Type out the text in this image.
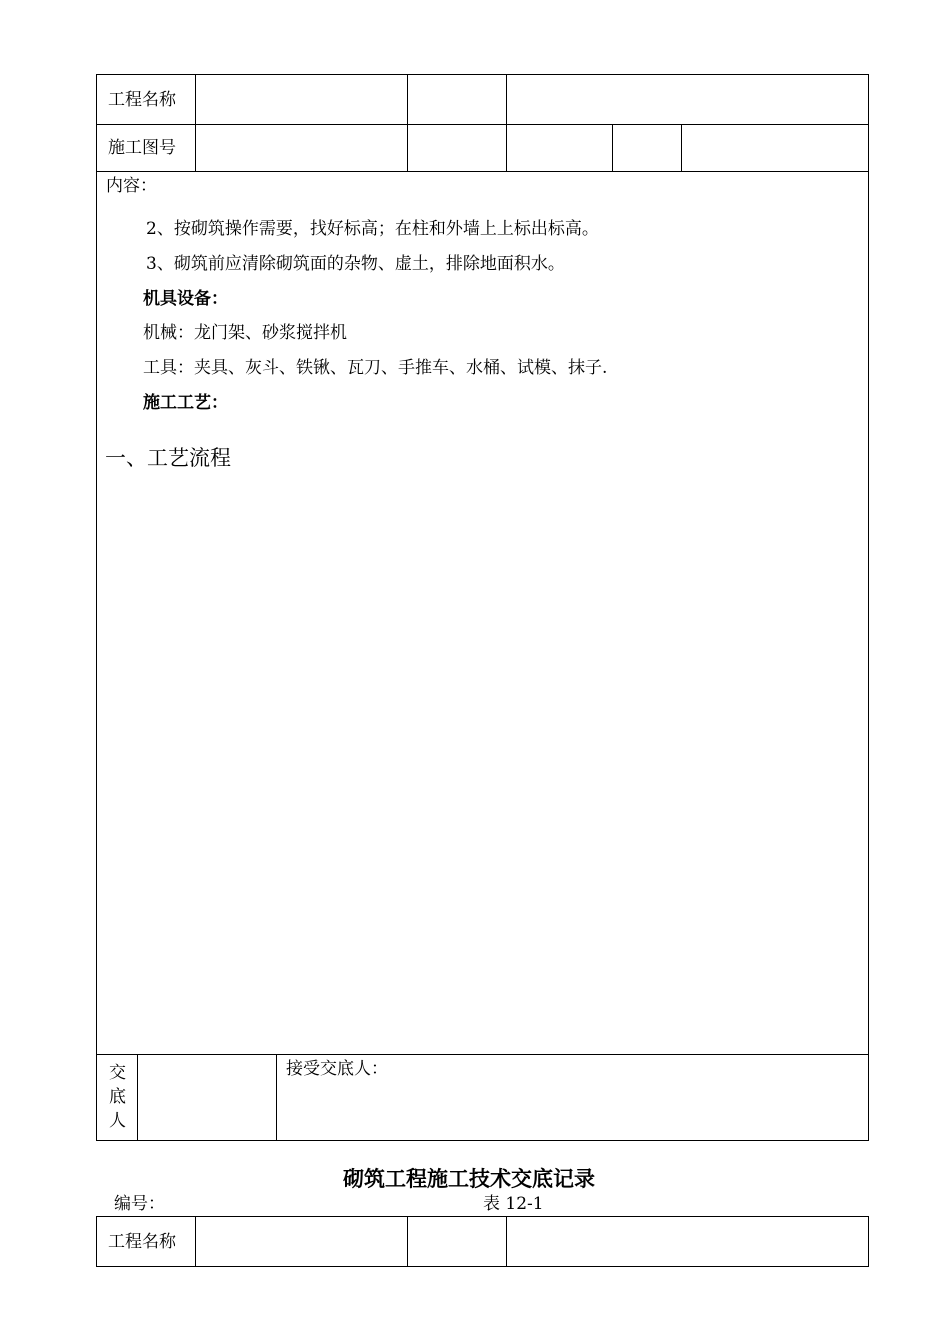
工程名称
施工图号
内容：
2、按砌筑操作需要，找好标高；在柱和外墙上上标出标高。
3、砌筑前应清除砌筑面的杂物、虚土，排除地面积水。
机具设备：
机械：龙门架、砂浆搅拌机
工具：夹具、灰斗、铁锹、瓦刀、手推车、水桶、试模、抹子.
施工工艺：
一、工艺流程
交
底
人
接受交底人：
砌筑工程施工技术交底记录
编号：	表 12-1
工程名称
